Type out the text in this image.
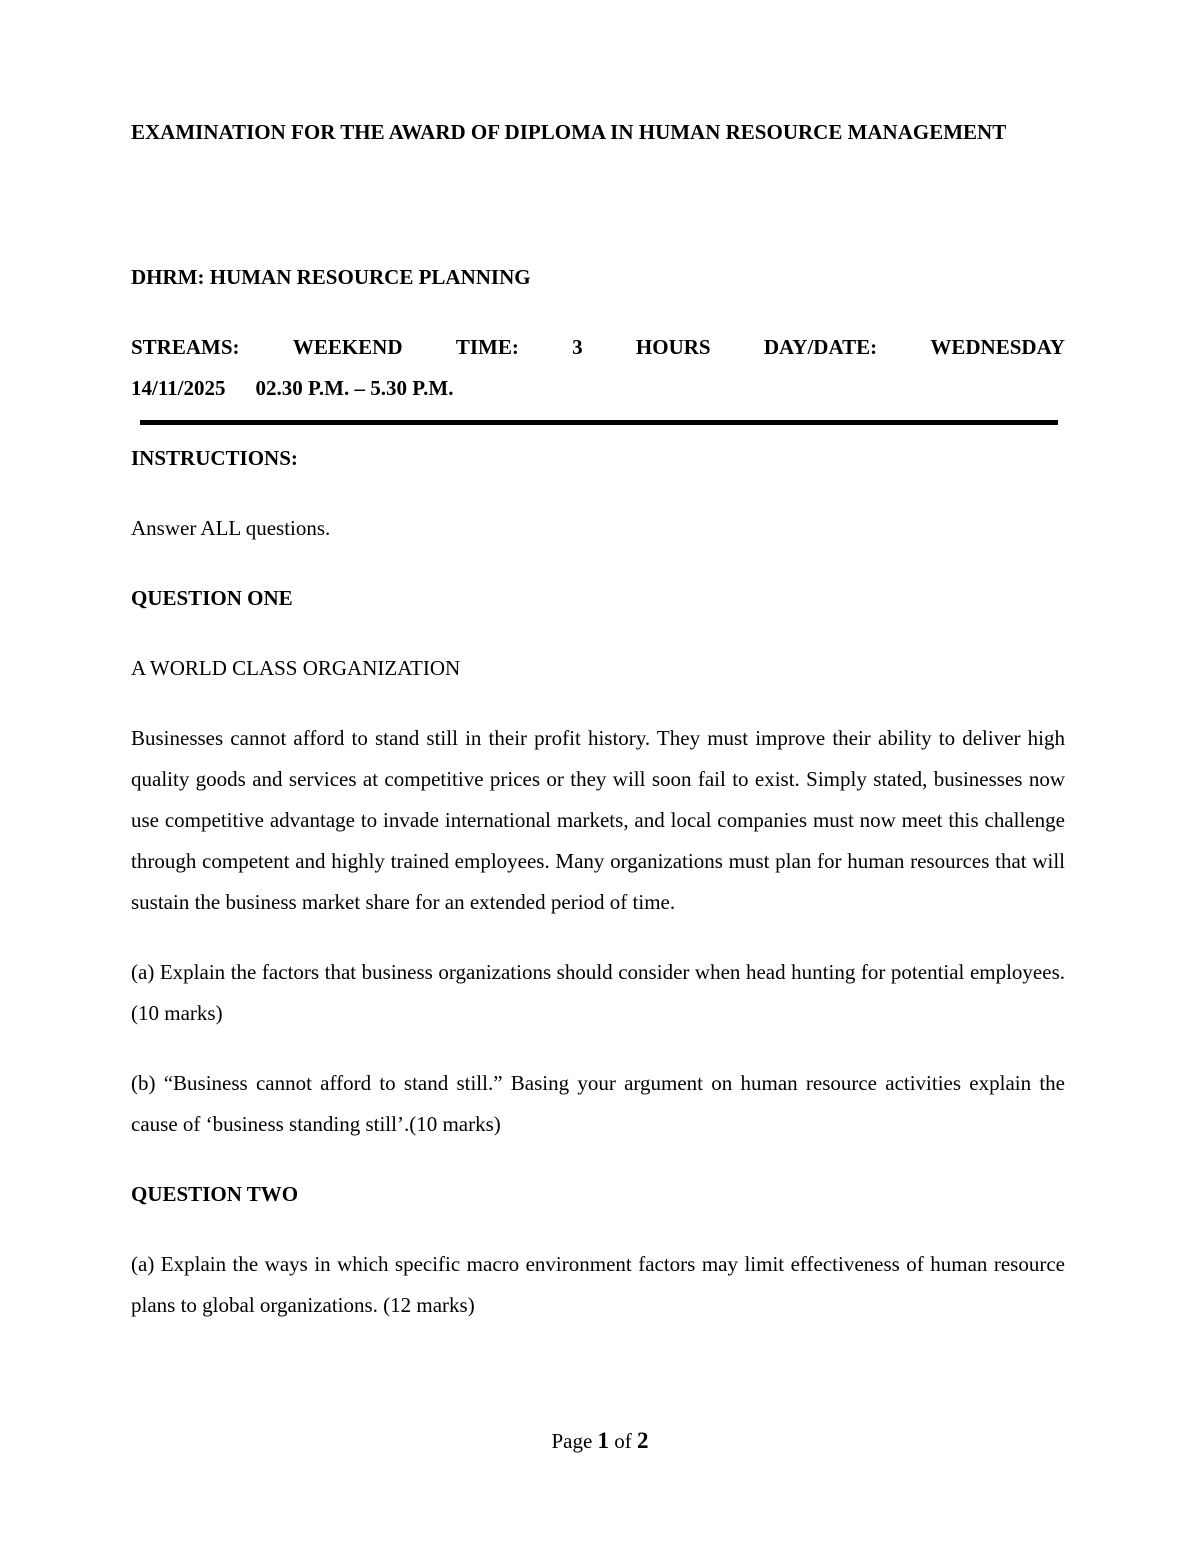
EXAMINATION FOR THE AWARD OF DIPLOMA IN HUMAN RESOURCE MANAGEMENT

DHRM: HUMAN RESOURCE PLANNING

STREAMS:	WEEKEND	TIME:	3	HOURS	DAY/DATE:	WEDNESDAY
14/11/2025 02.30 P.M. – 5.30 P.M.

INSTRUCTIONS:

Answer ALL questions.

QUESTION ONE

A WORLD CLASS ORGANIZATION

Businesses cannot afford to stand still in their profit history. They must improve their ability to deliver high quality goods and services at competitive prices or they will soon fail to exist. Simply stated, businesses now use competitive advantage to invade international markets, and local companies must now meet this challenge through competent and highly trained employees. Many organizations must plan for human resources that will sustain the business market share for an extended period of time.

(a) Explain the factors that business organizations should consider when head hunting for potential employees. (10 marks)

(b) “Business cannot afford to stand still.” Basing your argument on human resource activities explain the cause of ‘business standing still’.(10 marks)

QUESTION TWO

(a) Explain the ways in which specific macro environment factors may limit effectiveness of human resource plans to global organizations. (12 marks)

Page 1 of 2
